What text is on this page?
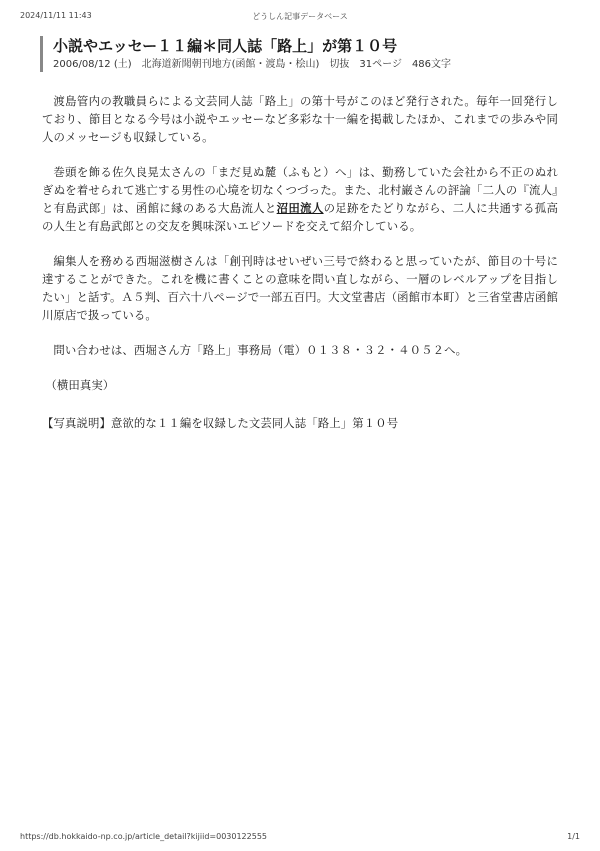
2024/11/11 11:43	どうしん記事データベース
小説やエッセー１１編＊同人誌「路上」が第１０号
2006/08/12 (土)　北海道新聞朝刊地方(函館・渡島・桧山)　切抜　31ページ　486文字

渡島管内の教職員らによる文芸同人誌「路上」の第十号がこのほど発行された。毎年一回発行しており、節目となる今号は小説やエッセーなど多彩な十一編を掲載したほか、これまでの歩みや同人のメッセージも収録している。

巻頭を飾る佐久良晃太さんの「まだ見ぬ麓（ふもと）へ」は、勤務していた会社から不正のぬれぎぬを着せられて逃亡する男性の心境を切なくつづった。また、北村巌さんの評論「二人の『流人』と有島武郎」は、函館に縁のある大島流人と沼田流人の足跡をたどりながら、二人に共通する孤高の人生と有島武郎との交友を興味深いエピソードを交えて紹介している。

編集人を務める西堀滋樹さんは「創刊時はせいぜい三号で終わると思っていたが、節目の十号に達することができた。これを機に書くことの意味を問い直しながら、一層のレベルアップを目指したい」と話す。Ａ５判、百六十八ページで一部五百円。大文堂書店（函館市本町）と三省堂書店函館川原店で扱っている。

問い合わせは、西堀さん方「路上」事務局（電）０１３８・３２・４０５２へ。

（横田真実）

【写真説明】意欲的な１１編を収録した文芸同人誌「路上」第１０号

https://db.hokkaido-np.co.jp/article_detail?kijiid=0030122555	1/1
